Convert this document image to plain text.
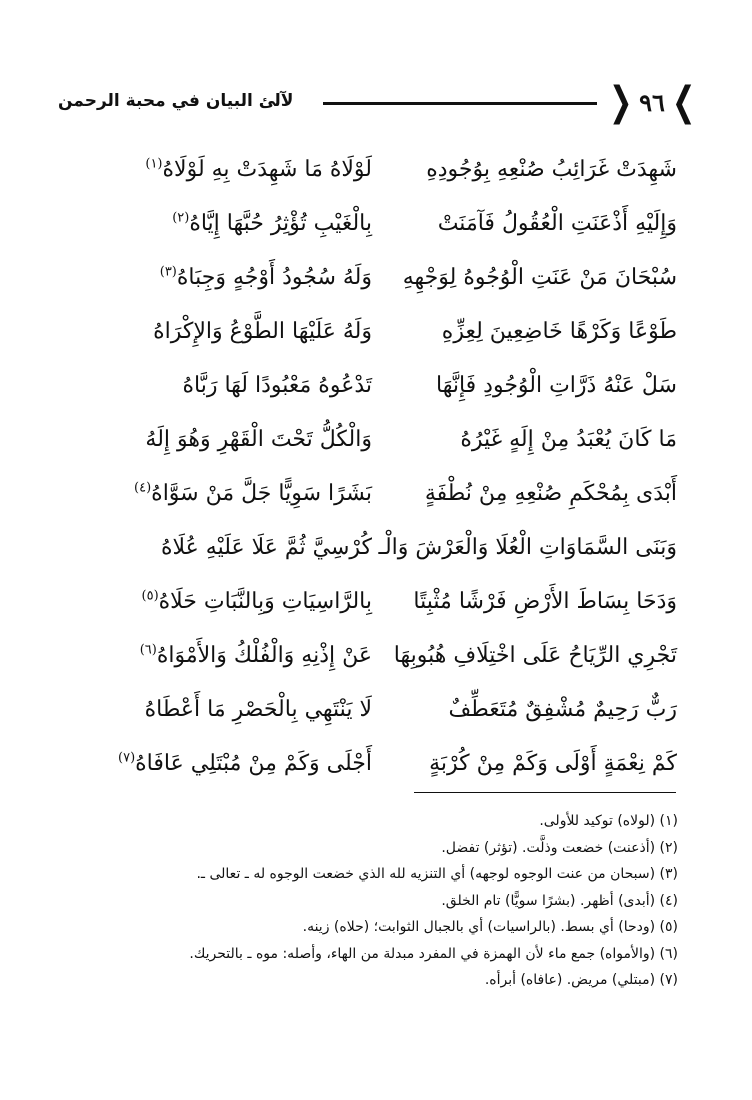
❯
٩٦
❮
لآلئ البيان في محبة الرحمن
شَهِدَتْ غَرَائِبُ صُنْعِهِ بِوُجُودِهِ
لَوْلَاهُ مَا شَهِدَتْ بِهِ لَوْلَاهُ$^{(١)}$
وَإِلَيْهِ أَذْعَنَتِ الْعُقُولُ فَآمَنَتْ
بِالْغَيْبِ تُؤْثِرُ حُبَّهَا إِيَّاهُ$^{(٢)}$
سُبْحَانَ مَنْ عَنَتِ الْوُجُوهُ لِوَجْهِهِ
وَلَهُ سُجُودُ أَوْجُهٍ وَجِبَاهُ$^{(٣)}$
طَوْعًا وَكَرْهًا خَاضِعِينَ لِعِزِّهِ
وَلَهُ عَلَيْهَا الطَّوْعُ وَالإِكْرَاهُ
سَلْ عَنْهُ ذَرَّاتِ الْوُجُودِ فَإِنَّهَا
تَدْعُوهُ مَعْبُودًا لَهَا رَبَّاهُ
مَا كَانَ يُعْبَدُ مِنْ إِلَهٍ غَيْرُهُ
وَالْكُلُّ تَحْتَ الْقَهْرِ وَهُوَ إِلَهُ
أَبْدَى بِمُحْكَمِ صُنْعِهِ مِنْ نُطْفَةٍ
بَشَرًا سَوِيًّا جَلَّ مَنْ سَوَّاهُ$^{(٤)}$
وَبَنَى السَّمَاوَاتِ الْعُلَا وَالْعَرْشَ وَالْـ
كُرْسِيَّ ثُمَّ عَلَا عَلَيْهِ عُلَاهُ
وَدَحَا بِسَاطَ الأَرْضِ فَرْشًا مُثْبِتًا
بِالرَّاسِيَاتِ وَبِالنَّبَاتِ حَلَاهُ$^{(٥)}$
تَجْرِي الرِّيَاحُ عَلَى اخْتِلَافِ هُبُوبِهَا
عَنْ إِذْنِهِ وَالْفُلْكُ وَالأَمْوَاهُ$^{(٦)}$
رَبٌّ رَحِيمٌ مُشْفِقٌ مُتَعَطِّفٌ
لَا يَنْتَهِي بِالْحَصْرِ مَا أَعْطَاهُ
كَمْ نِعْمَةٍ أَوْلَى وَكَمْ مِنْ كُرْبَةٍ
أَجْلَى وَكَمْ مِنْ مُبْتَلِي عَافَاهُ$^{(٧)}$
(١) (لولاه) توكيد للأولى.
(٢) (أذعنت) خضعت وذلَّت. (تؤثر) تفضل.
(٣) (سبحان من عنت الوجوه لوجهه) أي التنزيه لله الذي خضعت الوجوه له ـ تعالى ـ.
(٤) (أبدى) أظهر. (بشرًا سويًّا) تام الخلق.
(٥) (ودحا) أي بسط. (بالراسيات) أي بالجبال الثوابت؛ (حلاه) زينه.
(٦) (والأمواه) جمع ماء لأن الهمزة في المفرد مبدلة من الهاء، وأصله: موه ـ بالتحريك.
(٧) (مبتلي) مريض. (عافاه) أبرأه.
